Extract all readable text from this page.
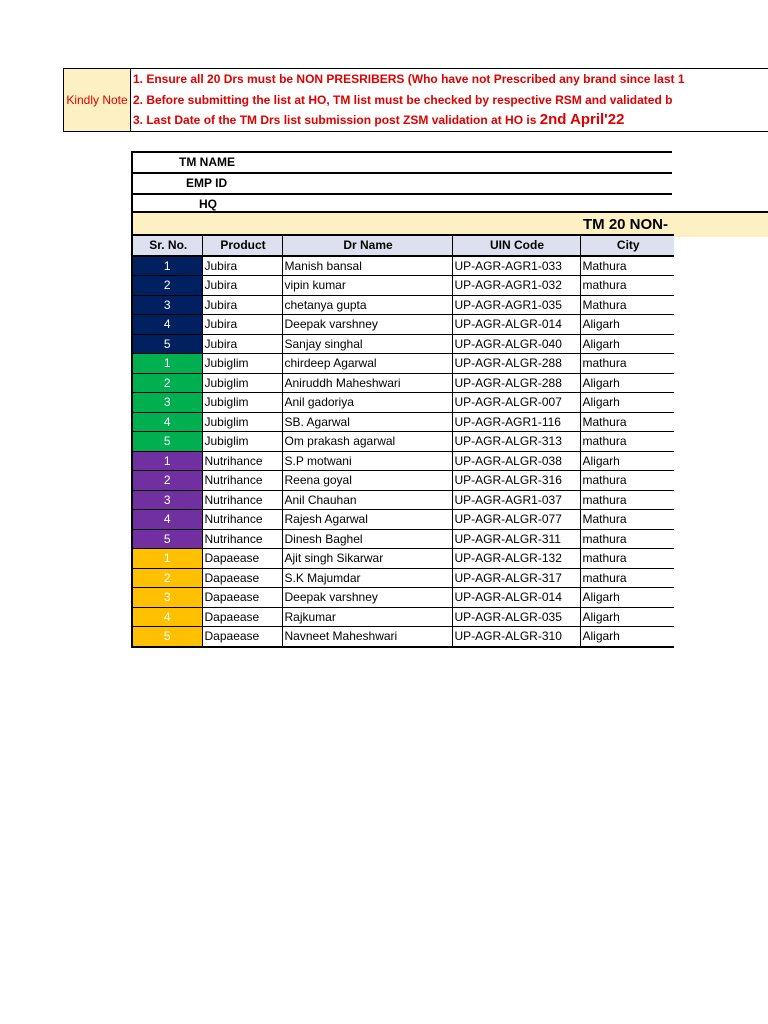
Kindly Note
1. Ensure all 20 Drs must be NON PRESRIBERS (Who have not Prescribed any brand since last 1
2. Before submitting the list at HO, TM list must be checked by respective RSM and validated b
3. Last Date of the TM Drs list submission post ZSM validation at HO is 2nd April'22
TM NAME
EMP ID
HQ
TM 20 NON-
Sr. No.	Product	Dr Name	UIN Code	City
1	Jubira	Manish bansal	UP-AGR-AGR1-033	Mathura
2	Jubira	vipin kumar	UP-AGR-AGR1-032	mathura
3	Jubira	chetanya gupta	UP-AGR-AGR1-035	Mathura
4	Jubira	Deepak varshney	UP-AGR-ALGR-014	Aligarh
5	Jubira	Sanjay singhal	UP-AGR-ALGR-040	Aligarh
1	Jubiglim	chirdeep Agarwal	UP-AGR-ALGR-288	mathura
2	Jubiglim	Aniruddh Maheshwari	UP-AGR-ALGR-288	Aligarh
3	Jubiglim	Anil gadoriya	UP-AGR-ALGR-007	Aligarh
4	Jubiglim	SB. Agarwal	UP-AGR-AGR1-116	Mathura
5	Jubiglim	Om prakash agarwal	UP-AGR-ALGR-313	mathura
1	Nutrihance	S.P motwani	UP-AGR-ALGR-038	Aligarh
2	Nutrihance	Reena goyal	UP-AGR-ALGR-316	mathura
3	Nutrihance	Anil Chauhan	UP-AGR-AGR1-037	mathura
4	Nutrihance	Rajesh Agarwal	UP-AGR-ALGR-077	Mathura
5	Nutrihance	Dinesh Baghel	UP-AGR-ALGR-311	mathura
1	Dapaease	Ajit singh Sikarwar	UP-AGR-ALGR-132	mathura
2	Dapaease	S.K Majumdar	UP-AGR-ALGR-317	mathura
3	Dapaease	Deepak varshney	UP-AGR-ALGR-014	Aligarh
4	Dapaease	Rajkumar	UP-AGR-ALGR-035	Aligarh
5	Dapaease	Navneet Maheshwari	UP-AGR-ALGR-310	Aligarh
